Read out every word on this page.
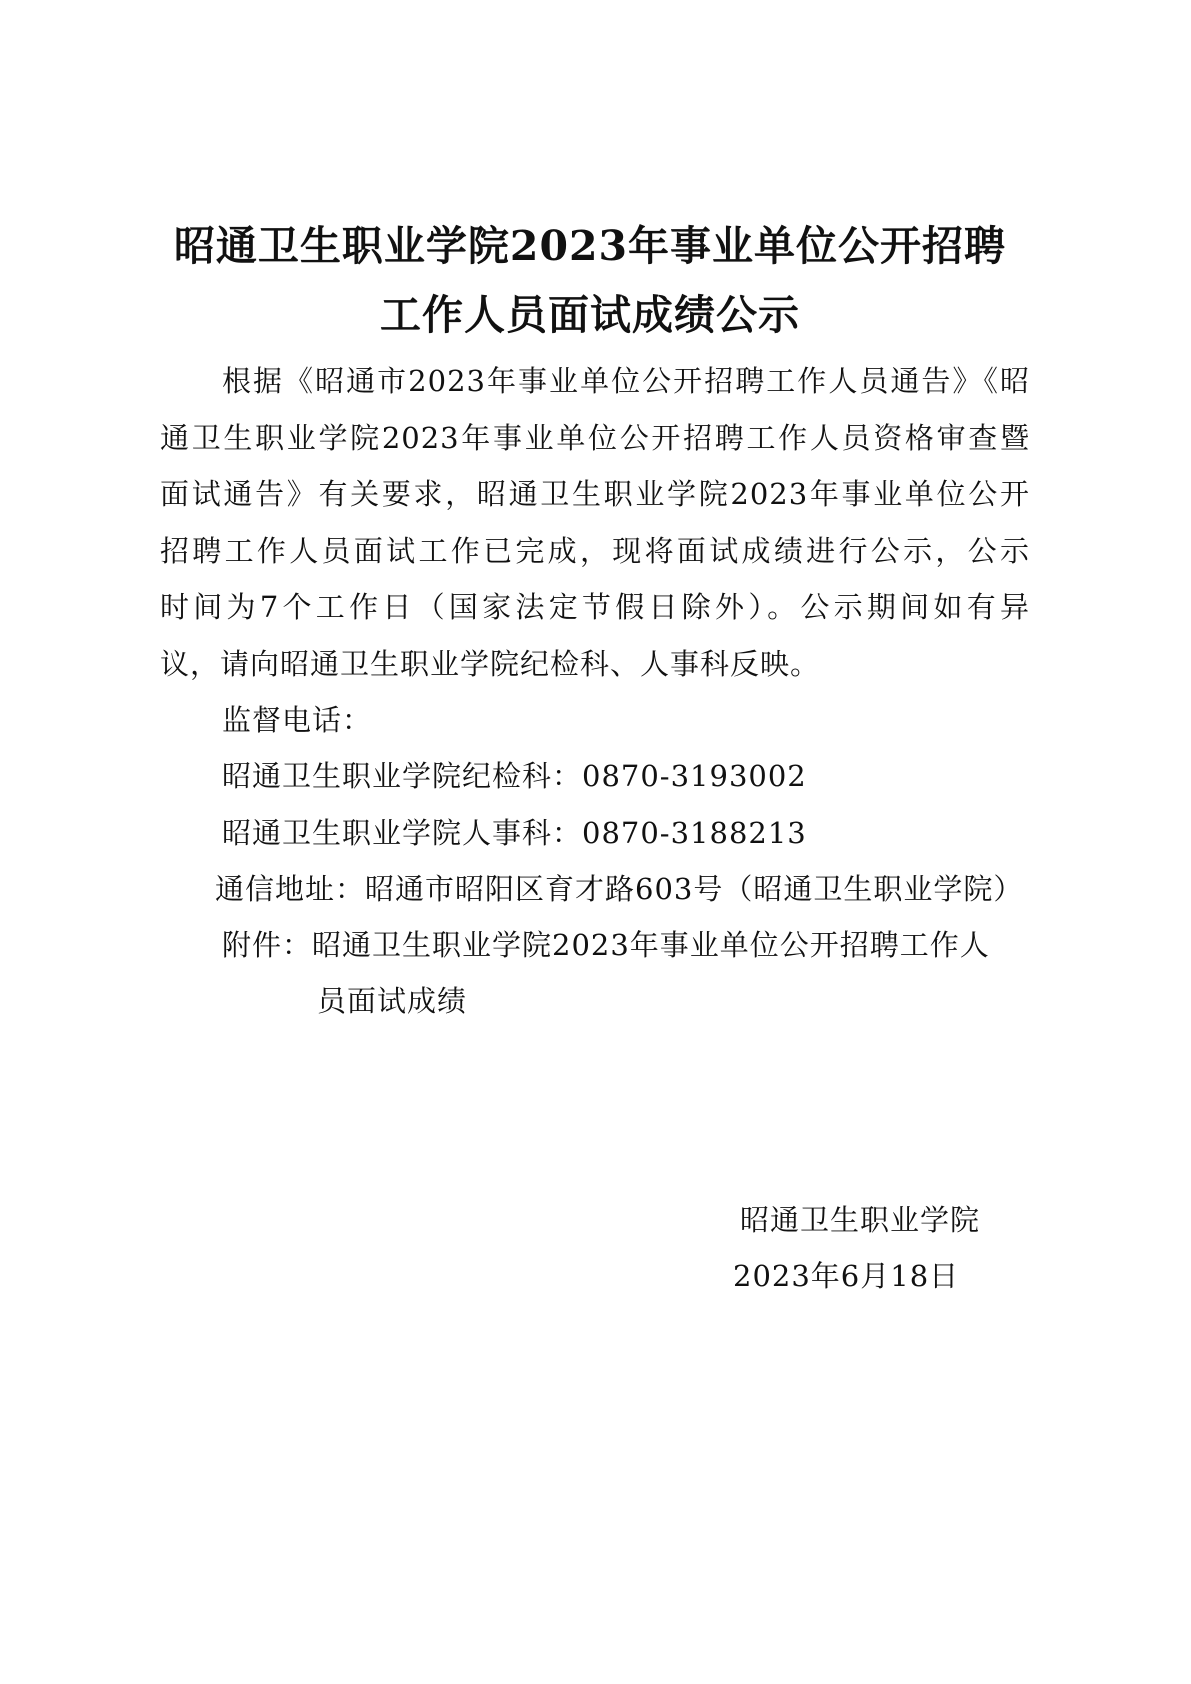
昭通卫生职业学院2023年事业单位公开招聘
工作人员面试成绩公示
根据《昭通市2023年事业单位公开招聘工作人员通告》《昭
通卫生职业学院2023年事业单位公开招聘工作人员资格审查暨
面试通告》有关要求，昭通卫生职业学院2023年事业单位公开
招聘工作人员面试工作已完成，现将面试成绩进行公示，公示
时间为7个工作日（国家法定节假日除外）。公示期间如有异
议，请向昭通卫生职业学院纪检科、人事科反映。
监督电话：
昭通卫生职业学院纪检科：0870-3193002
昭通卫生职业学院人事科：0870-3188213
通信地址：昭通市昭阳区育才路603号（昭通卫生职业学院）
附件：昭通卫生职业学院2023年事业单位公开招聘工作人
员面试成绩
昭通卫生职业学院
2023年6月18日
